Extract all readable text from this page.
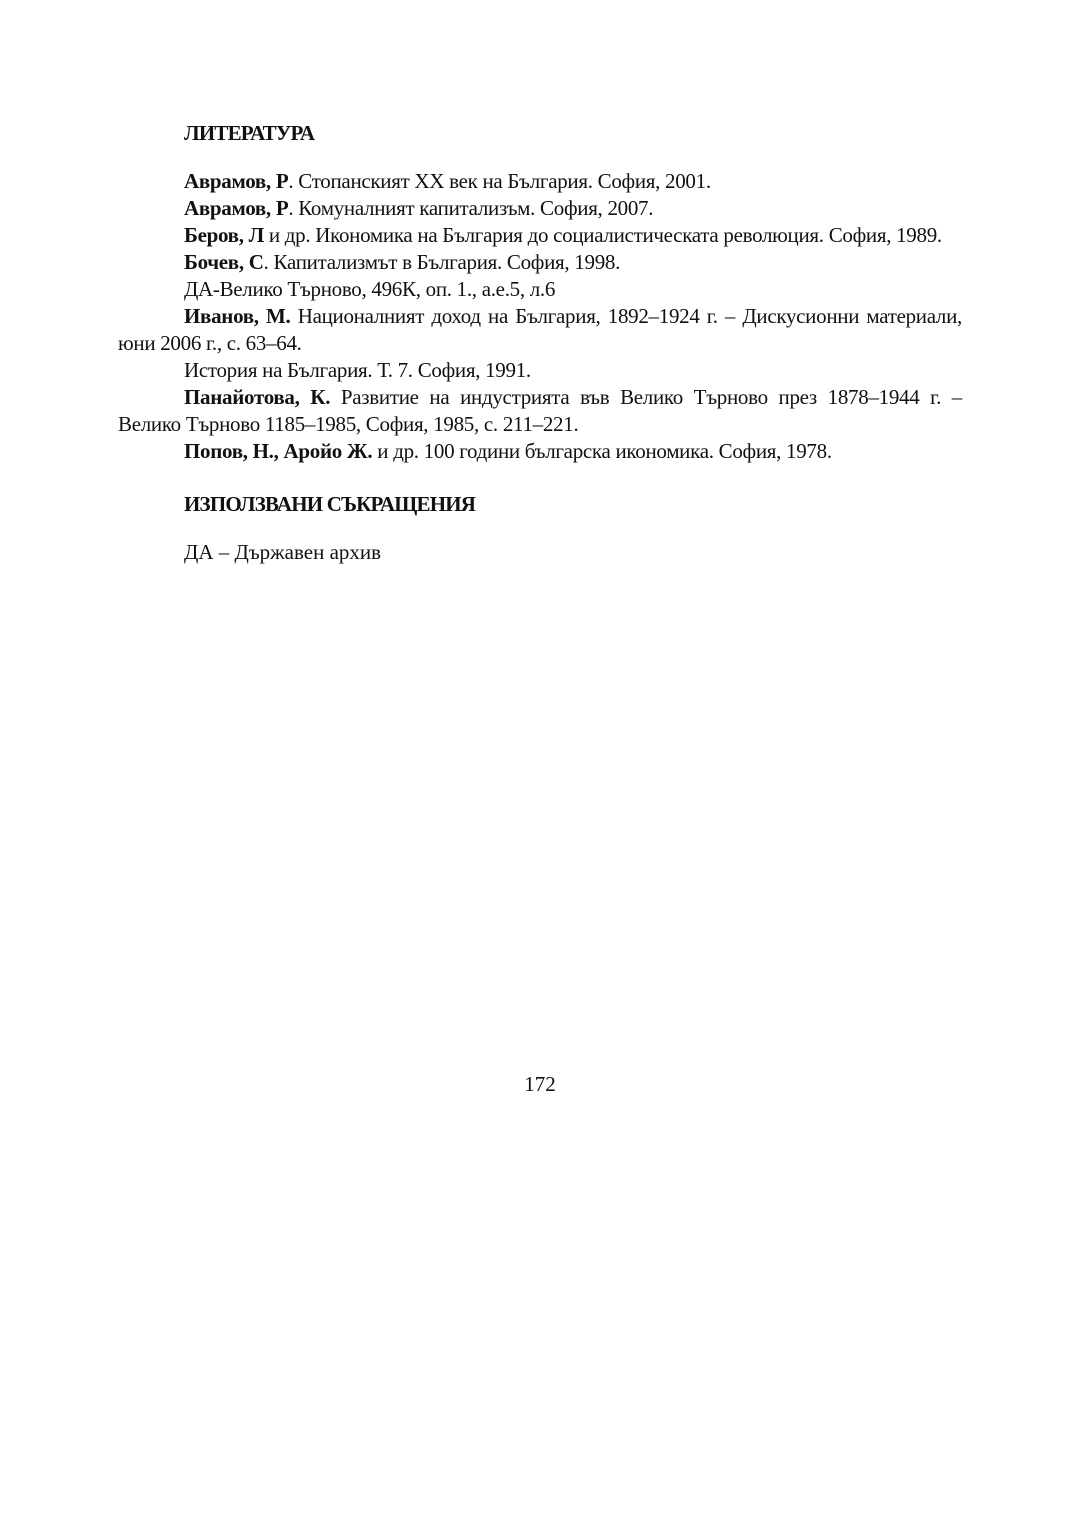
ЛИТЕРАТУРА

Аврамов, Р. Стопанският ХХ век на България. София, 2001.

Аврамов, Р. Комуналният капитализъм. София, 2007.

Беров, Л и др. Икономика на България до социалистическата революция. София, 1989.

Бочев, С. Капитализмът в България. София, 1998.

ДА-Велико Търново, 496К, оп. 1., а.е.5, л.6

Иванов, М. Националният доход на България, 1892–1924 г. – Дискусионни материали, юни 2006 г., с. 63–64.

История на България. Т. 7. София, 1991.

Панайотова, К. Развитие на индустрията във Велико Търново през 1878–1944 г. – Велико Търново 1185–1985, София, 1985, с. 211–221.

Попов, Н., Аройо Ж. и др. 100 години българска икономика. София, 1978.

ИЗПОЛЗВАНИ СЪКРАЩЕНИЯ

ДА – Държавен архив

172
